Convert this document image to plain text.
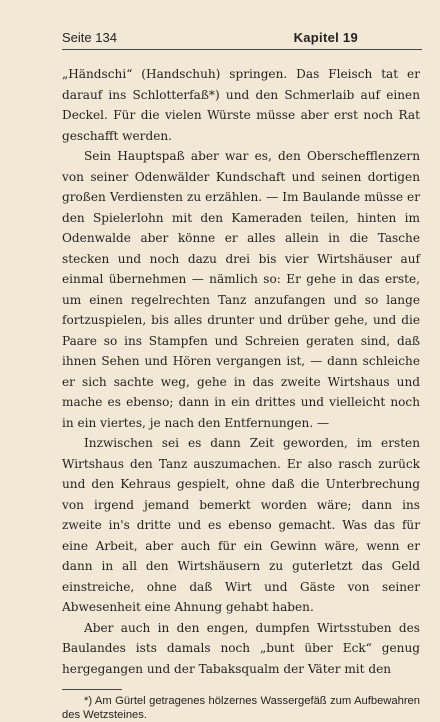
Seite 134	Kapitel 19

„Händschi“ (Handschuh) springen. Das Fleisch tat er darauf ins Schlotterfaß*) und den Schmerlaib auf einen Deckel. Für die vielen Würste müsse aber erst noch Rat geschafft werden.

Sein Hauptspaß aber war es, den Oberschefflenzern von seiner Odenwälder Kundschaft und seinen dortigen großen Verdiensten zu erzählen. — Im Baulande müsse er den Spielerlohn mit den Kameraden teilen, hinten im Odenwalde aber könne er alles allein in die Tasche stecken und noch dazu drei bis vier Wirtshäuser auf einmal übernehmen — nämlich so: Er gehe in das erste, um einen regelrechten Tanz anzufangen und so lange fortzuspielen, bis alles drunter und drüber gehe, und die Paare so ins Stampfen und Schreien geraten sind, daß ihnen Sehen und Hören vergangen ist, — dann schleiche er sich sachte weg, gehe in das zweite Wirtshaus und mache es ebenso; dann in ein drittes und vielleicht noch in ein viertes, je nach den Entfernungen. —

Inzwischen sei es dann Zeit geworden, im ersten Wirtshaus den Tanz auszumachen. Er also rasch zurück und den Kehraus gespielt, ohne daß die Unterbrechung von irgend jemand bemerkt worden wäre; dann ins zweite in's dritte und es ebenso gemacht. Was das für eine Arbeit, aber auch für ein Gewinn wäre, wenn er dann in all den Wirtshäusern zu guterletzt das Geld einstreiche, ohne daß Wirt und Gäste von seiner Abwesenheit eine Ahnung gehabt haben.

Aber auch in den engen, dumpfen Wirtsstuben des Baulandes ists damals noch „bunt über Eck“ genug hergegangen und der Tabaksqualm der Väter mit den

*) Am Gürtel getragenes hölzernes Wassergefäß zum Aufbewahren des Wetzsteines.
